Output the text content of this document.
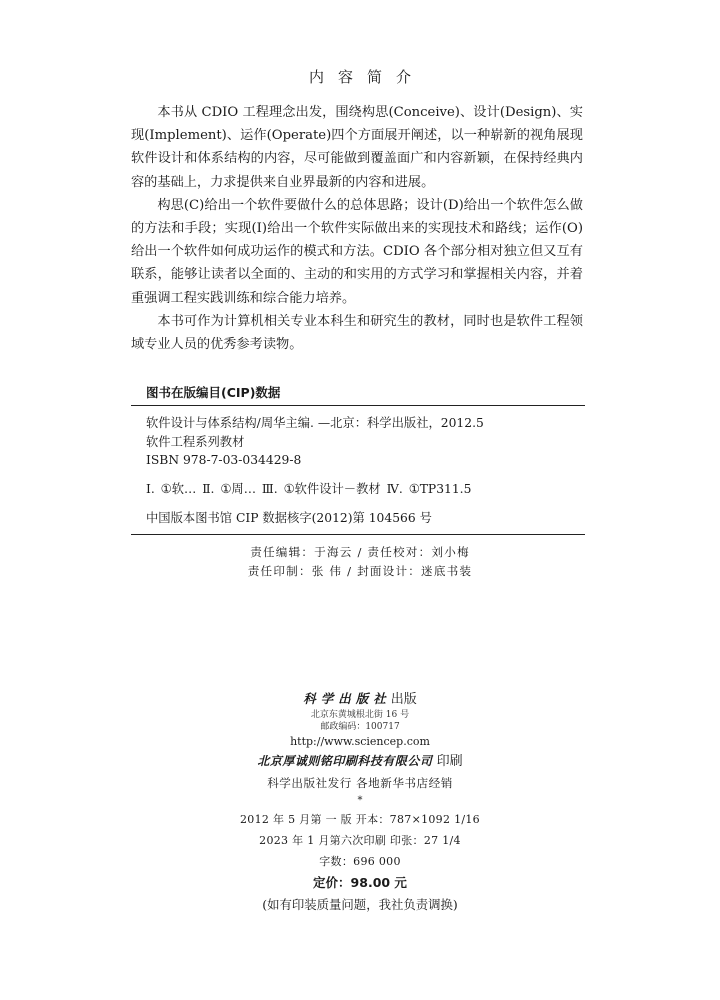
内容简介

本书从 CDIO 工程理念出发，围绕构思(Conceive)、设计(Design)、实现(Implement)、运作(Operate)四个方面展开阐述，以一种崭新的视角展现软件设计和体系结构的内容，尽可能做到覆盖面广和内容新颖，在保持经典内容的基础上，力求提供来自业界最新的内容和进展。

构思(C)给出一个软件要做什么的总体思路；设计(D)给出一个软件怎么做的方法和手段；实现(I)给出一个软件实际做出来的实现技术和路线；运作(O)给出一个软件如何成功运作的模式和方法。CDIO 各个部分相对独立但又互有联系，能够让读者以全面的、主动的和实用的方式学习和掌握相关内容，并着重强调工程实践训练和综合能力培养。

本书可作为计算机相关专业本科生和研究生的教材，同时也是软件工程领域专业人员的优秀参考读物。

图书在版编目(CIP)数据
软件设计与体系结构/周华主编. —北京：科学出版社，2012.5
软件工程系列教材
ISBN 978-7-03-034429-8
Ⅰ. ①软… Ⅱ. ①周… Ⅲ. ①软件设计－教材 Ⅳ. ①TP311.5
中国版本图书馆 CIP 数据核字(2012)第 104566 号
责任编辑：于海云 / 责任校对：刘小梅
责任印制：张 伟 / 封面设计：迷底书装
科学出版社出版
北京东黄城根北街 16 号
邮政编码：100717
http://www.sciencep.com
北京厚诚则铭印刷科技有限公司 印刷
科学出版社发行 各地新华书店经销
*
2012 年 5 月第 一 版 开本：787×1092 1/16
2023 年 1 月第六次印刷 印张：27 1/4
字数：696 000
定价：98.00 元
(如有印装质量问题，我社负责调换)
